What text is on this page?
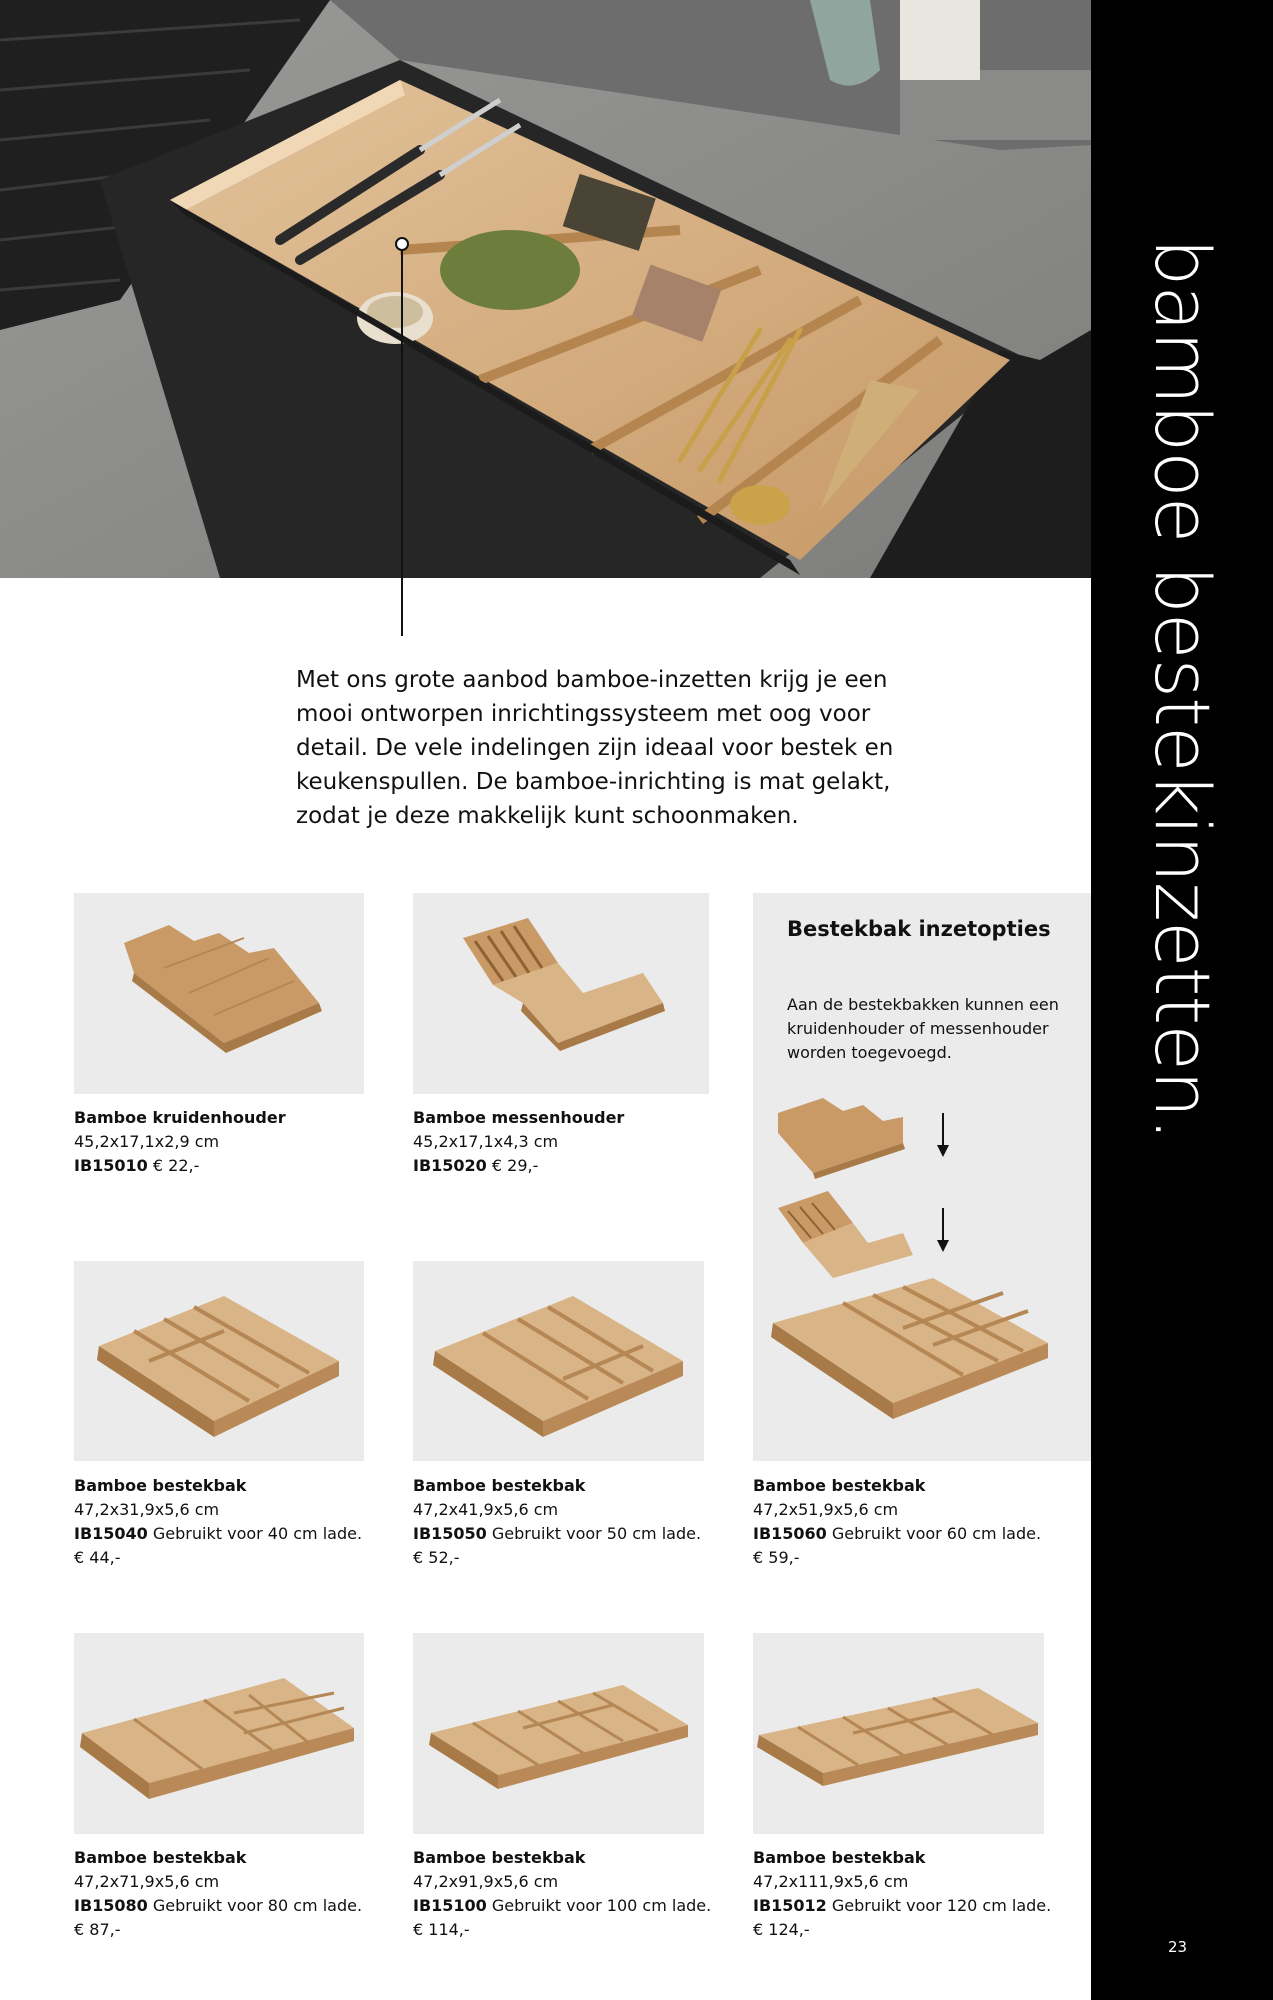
bamboe bestekinzetten.
23
Met ons grote aanbod bamboe-inzetten krijg je een mooi ontworpen inrichtingssysteem met oog voor detail. De vele indelingen zijn ideaal voor bestek en keukenspullen. De bamboe-inrichting is mat gelakt, zodat je deze makkelijk kunt schoonmaken.
Bamboe kruidenhouder
45,2x17,1x2,9 cm
IB15010 € 22,-
Bamboe messenhouder
45,2x17,1x4,3 cm
IB15020 € 29,-
Bestekbak inzetopties
Aan de bestekbakken kunnen een kruidenhouder of messenhouder worden toegevoegd.
Bamboe bestekbak
47,2x31,9x5,6 cm
IB15040 Gebruikt voor 40 cm lade.
€ 44,-
Bamboe bestekbak
47,2x41,9x5,6 cm
IB15050 Gebruikt voor 50 cm lade.
€ 52,-
Bamboe bestekbak
47,2x51,9x5,6 cm
IB15060 Gebruikt voor 60 cm lade.
€ 59,-
Bamboe bestekbak
47,2x71,9x5,6 cm
IB15080 Gebruikt voor 80 cm lade.
€ 87,-
Bamboe bestekbak
47,2x91,9x5,6 cm
IB15100 Gebruikt voor 100 cm lade.
€ 114,-
Bamboe bestekbak
47,2x111,9x5,6 cm
IB15012 Gebruikt voor 120 cm lade.
€ 124,-
